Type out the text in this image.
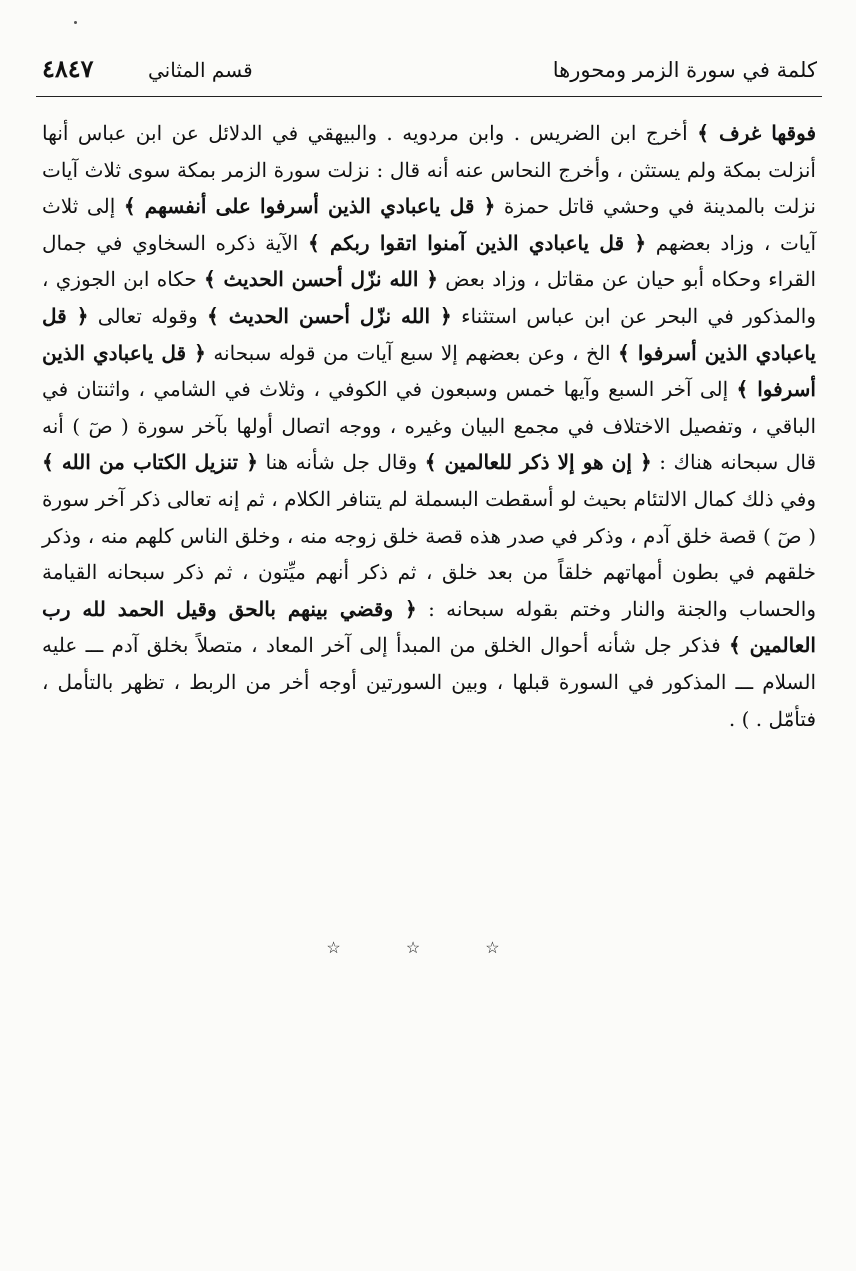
كلمة في سورة الزمر ومحورها
قسم المثاني
٤٨٤٧
فوقها غرف ﴾ أخرج ابن الضريس . وابن مردويه . والبيهقي في الدلائل عن ابن عباس أنها أنزلت بمكة ولم يستثن ، وأخرج النحاس عنه أنه قال : نزلت سورة الزمر بمكة سوى ثلاث آيات نزلت بالمدينة في وحشي قاتل حمزة ﴿ قل ياعبادي الذين أسرفوا على أنفسهم ﴾ إلى ثلاث آيات ، وزاد بعضهم ﴿ قل ياعبادي الذين آمنوا اتقوا ربكم ﴾ الآية ذكره السخاوي في جمال القراء وحكاه أبو حيان عن مقاتل ، وزاد بعض ﴿ الله نزّل أحسن الحديث ﴾ حكاه ابن الجوزي ، والمذكور في البحر عن ابن عباس استثناء ﴿ الله نزّل أحسن الحديث ﴾ وقوله تعالى ﴿ قل ياعبادي الذين أسرفوا ﴾ الخ ، وعن بعضهم إلا سبع آيات من قوله سبحانه ﴿ قل ياعبادي الذين أسرفوا ﴾ إلى آخر السبع وآيها خمس وسبعون في الكوفي ، وثلاث في الشامي ، واثنتان في الباقي ، وتفصيل الاختلاف في مجمع البيان وغيره ، ووجه اتصال أولها بآخر سورة ( صٓ ) أنه قال سبحانه هناك : ﴿ إن هو إلا ذكر للعالمين ﴾ وقال جل شأنه هنا ﴿ تنزيل الكتاب من الله ﴾ وفي ذلك كمال الالتئام بحيث لو أسقطت البسملة لم يتنافر الكلام ، ثم إنه تعالى ذكر آخر سورة ( صٓ ) قصة خلق آدم ، وذكر في صدر هذه قصة خلق زوجه منه ، وخلق الناس كلهم منه ، وذكر خلقهم في بطون أمهاتهم خلقاً من بعد خلق ، ثم ذكر أنهم ميِّتون ، ثم ذكر سبحانه القيامة والحساب والجنة والنار وختم بقوله سبحانه : ﴿ وقضي بينهم بالحق وقيل الحمد لله رب العالمين ﴾ فذكر جل شأنه أحوال الخلق من المبدأ إلى آخر المعاد ، متصلاً بخلق آدم ـــ عليه السلام ـــ المذكور في السورة قبلها ، وبين السورتين أوجه أخر من الربط ، تظهر بالتأمل ، فتأمّل . ) .
☆ ☆ ☆
